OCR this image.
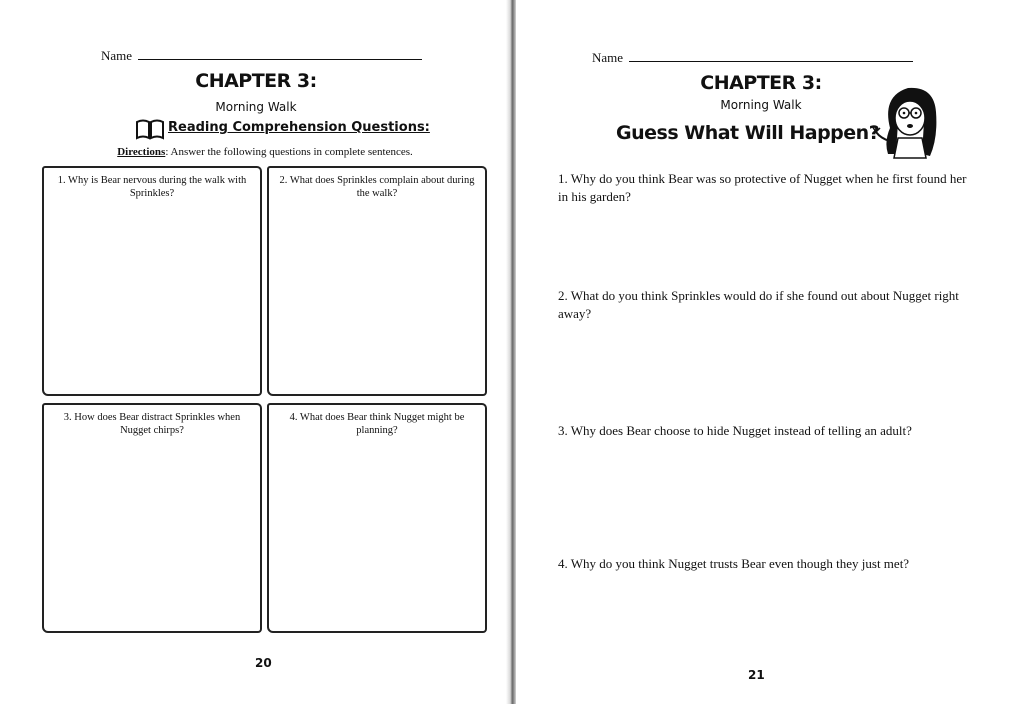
Name
CHAPTER 3:
Morning Walk
Reading Comprehension Questions:
Directions: Answer the following questions in complete sentences.
1. Why is Bear nervous during the walk with Sprinkles?
2. What does Sprinkles complain about during the walk?
3. How does Bear distract Sprinkles when Nugget chirps?
4. What does Bear think Nugget might be planning?
20
Name
CHAPTER 3:
Morning Walk
Guess What Will Happen?
1. Why do you think Bear was so protective of Nugget when he first found her in his garden?
2. What do you think Sprinkles would do if she found out about Nugget right away?
3. Why does Bear choose to hide Nugget instead of telling an adult?
4. Why do you think Nugget trusts Bear even though they just met?
21
